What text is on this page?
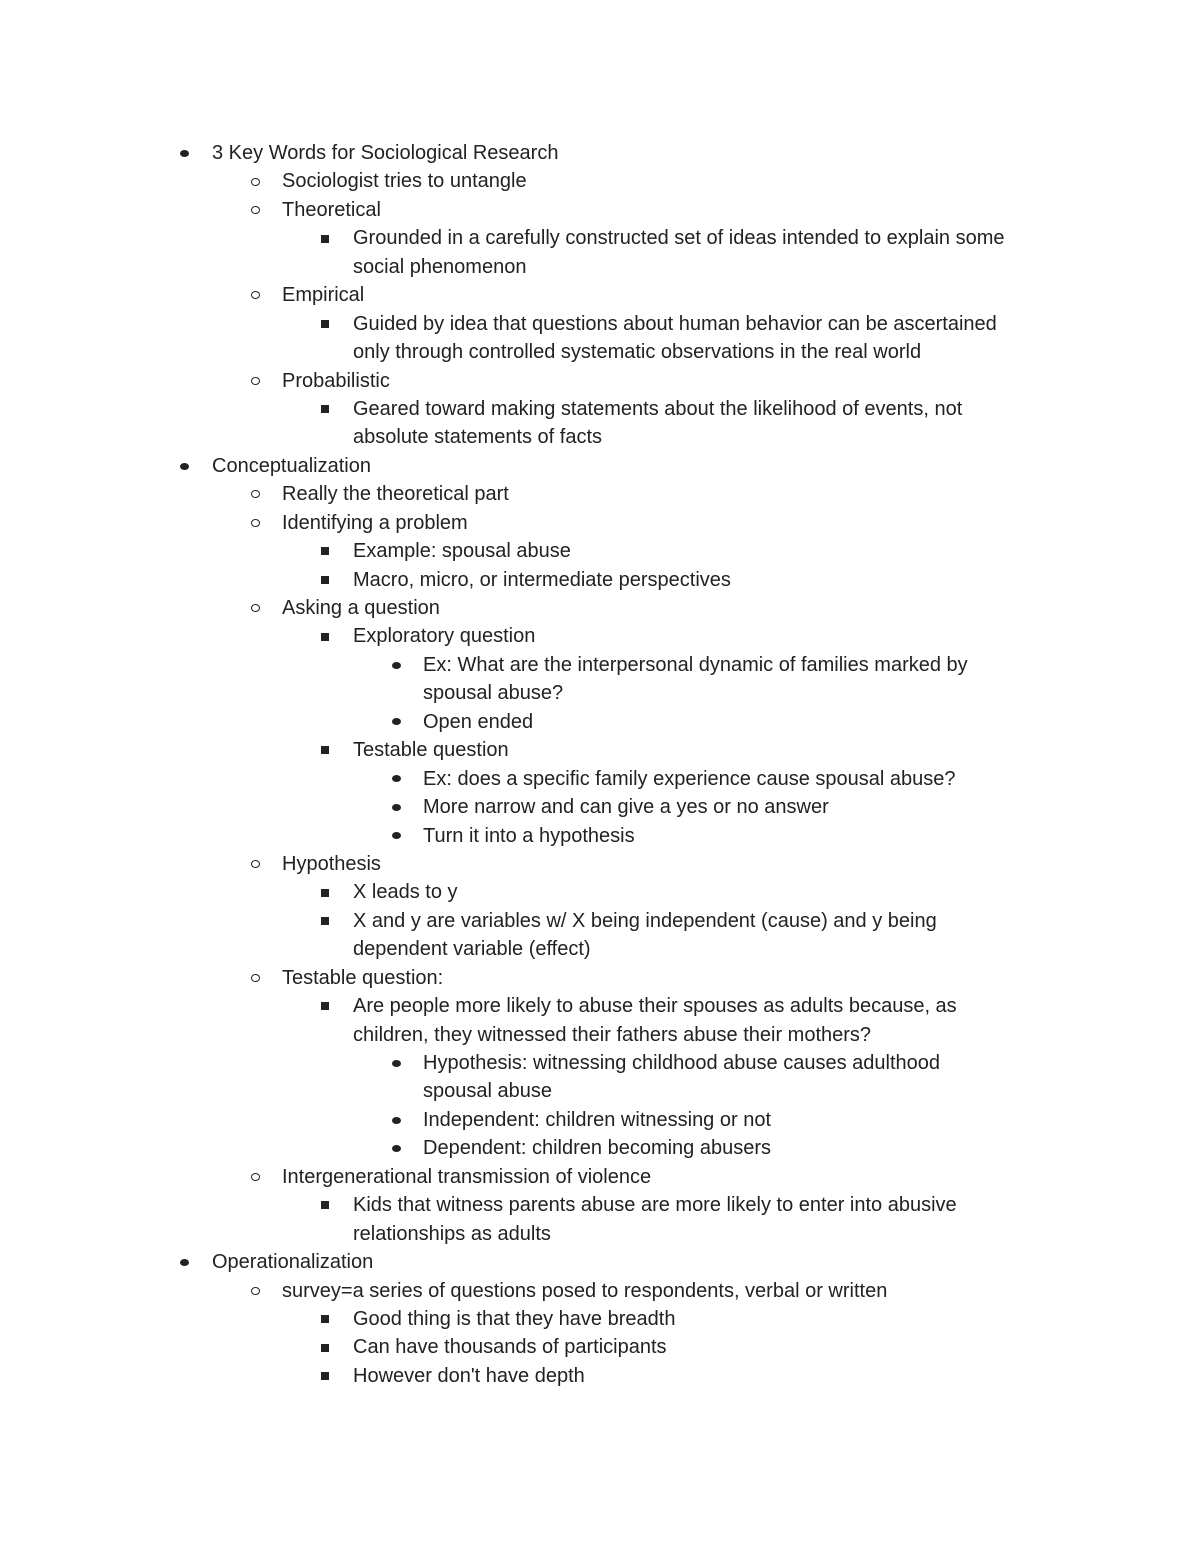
3 Key Words for Sociological Research
Sociologist tries to untangle
Theoretical
Grounded in a carefully constructed set of ideas intended to explain some
social phenomenon
Empirical
Guided by idea that questions about human behavior can be ascertained
only through controlled systematic observations in the real world
Probabilistic
Geared toward making statements about the likelihood of events, not
absolute statements of facts
Conceptualization
Really the theoretical part
Identifying a problem
Example: spousal abuse
Macro, micro, or intermediate perspectives
Asking a question
Exploratory question
Ex: What are the interpersonal dynamic of families marked by
spousal abuse?
Open ended
Testable question
Ex: does a specific family experience cause spousal abuse?
More narrow and can give a yes or no answer
Turn it into a hypothesis
Hypothesis
X leads to y
X and y are variables w/ X being independent (cause) and y being
dependent variable (effect)
Testable question:
Are people more likely to abuse their spouses as adults because, as
children, they witnessed their fathers abuse their mothers?
Hypothesis: witnessing childhood abuse causes adulthood
spousal abuse
Independent: children witnessing or not
Dependent: children becoming abusers
Intergenerational transmission of violence
Kids that witness parents abuse are more likely to enter into abusive
relationships as adults
Operationalization
survey=a series of questions posed to respondents, verbal or written
Good thing is that they have breadth
Can have thousands of participants
However don't have depth
